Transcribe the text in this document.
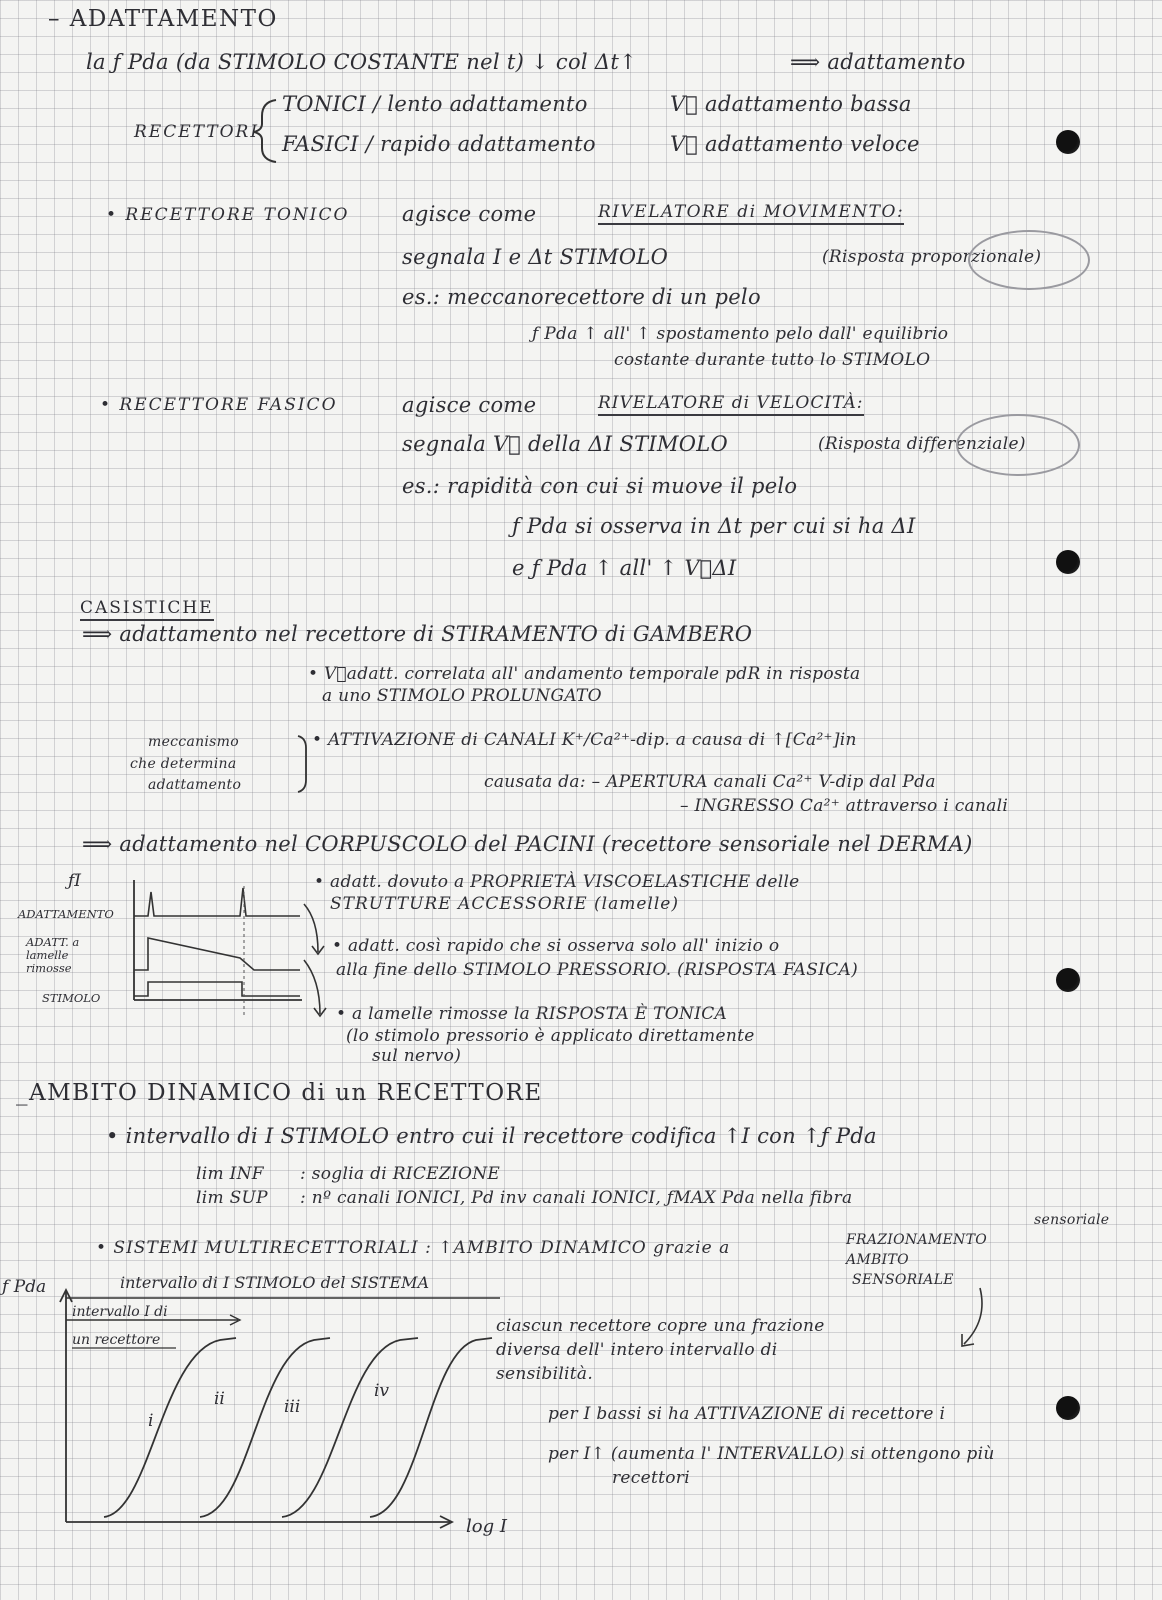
– ADATTAMENTO
la ƒ Pda (da STIMOLO COSTANTE nel t) ↓ col Δt↑	⟹ adattamento
RECETTORI
TONICI / lento adattamento	V⃗ adattamento bassa
FASICI / rapido adattamento	V⃗ adattamento veloce
• RECETTORE TONICO	agisce come	RIVELATORE di MOVIMENTO:
segnala I e Δt STIMOLO	(Risposta proporzionale)
es.: meccanorecettore di un pelo
ƒ Pda ↑ all' ↑ spostamento pelo dall' equilibrio
costante durante tutto lo STIMOLO
• RECETTORE FASICO	agisce come	RIVELATORE di VELOCITÀ:
segnala V⃗ della ΔI STIMOLO	(Risposta differenziale)
es.: rapidità con cui si muove il pelo
ƒ Pda si osserva in Δt per cui si ha ΔI
e ƒ Pda ↑ all' ↑ V⃗ΔI
CASISTICHE
⟹ adattamento nel recettore di STIRAMENTO di GAMBERO
• V⃗adatt. correlata all' andamento temporale pdR in risposta
a uno STIMOLO PROLUNGATO
meccanismo
che determina
adattamento
• ATTIVAZIONE di CANALI K⁺/Ca²⁺-dip. a causa di ↑[Ca²⁺]in
causata da: – APERTURA canali Ca²⁺ V-dip dal Pda
– INGRESSO Ca²⁺ attraverso i canali
⟹ adattamento nel CORPUSCOLO del PACINI (recettore sensoriale nel DERMA)
ƒI
ADATTAMENTO
ADATT. a
lamelle
rimosse
STIMOLO
• adatt. dovuto a PROPRIETÀ VISCOELASTICHE delle
STRUTTURE ACCESSORIE (lamelle)
• adatt. così rapido che si osserva solo all' inizio o
alla fine dello STIMOLO PRESSORIO. (RISPOSTA FASICA)
• a lamelle rimosse la RISPOSTA È TONICA
(lo stimolo pressorio è applicato direttamente
sul nervo)
_AMBITO DINAMICO di un RECETTORE
• intervallo di I STIMOLO entro cui il recettore codifica ↑I con ↑ƒ Pda
lim INF : soglia di RICEZIONE
lim SUP : nº canali IONICI, Pd inv canali IONICI, ƒMAX Pda nella fibra
sensoriale
• SISTEMI MULTIRECETTORIALI : ↑AMBITO DINAMICO grazie a	FRAZIONAMENTO
AMBITO
SENSORIALE
ciascun recettore copre una frazione
diversa dell' intero intervallo di
sensibilità.
per I bassi si ha ATTIVAZIONE di recettore i
per I↑ (aumenta l' INTERVALLO) si ottengono più
recettori
ƒ Pda	intervallo di I STIMOLO del SISTEMA
log I
intervallo I di
un recettore
i
ii	iii
iv
